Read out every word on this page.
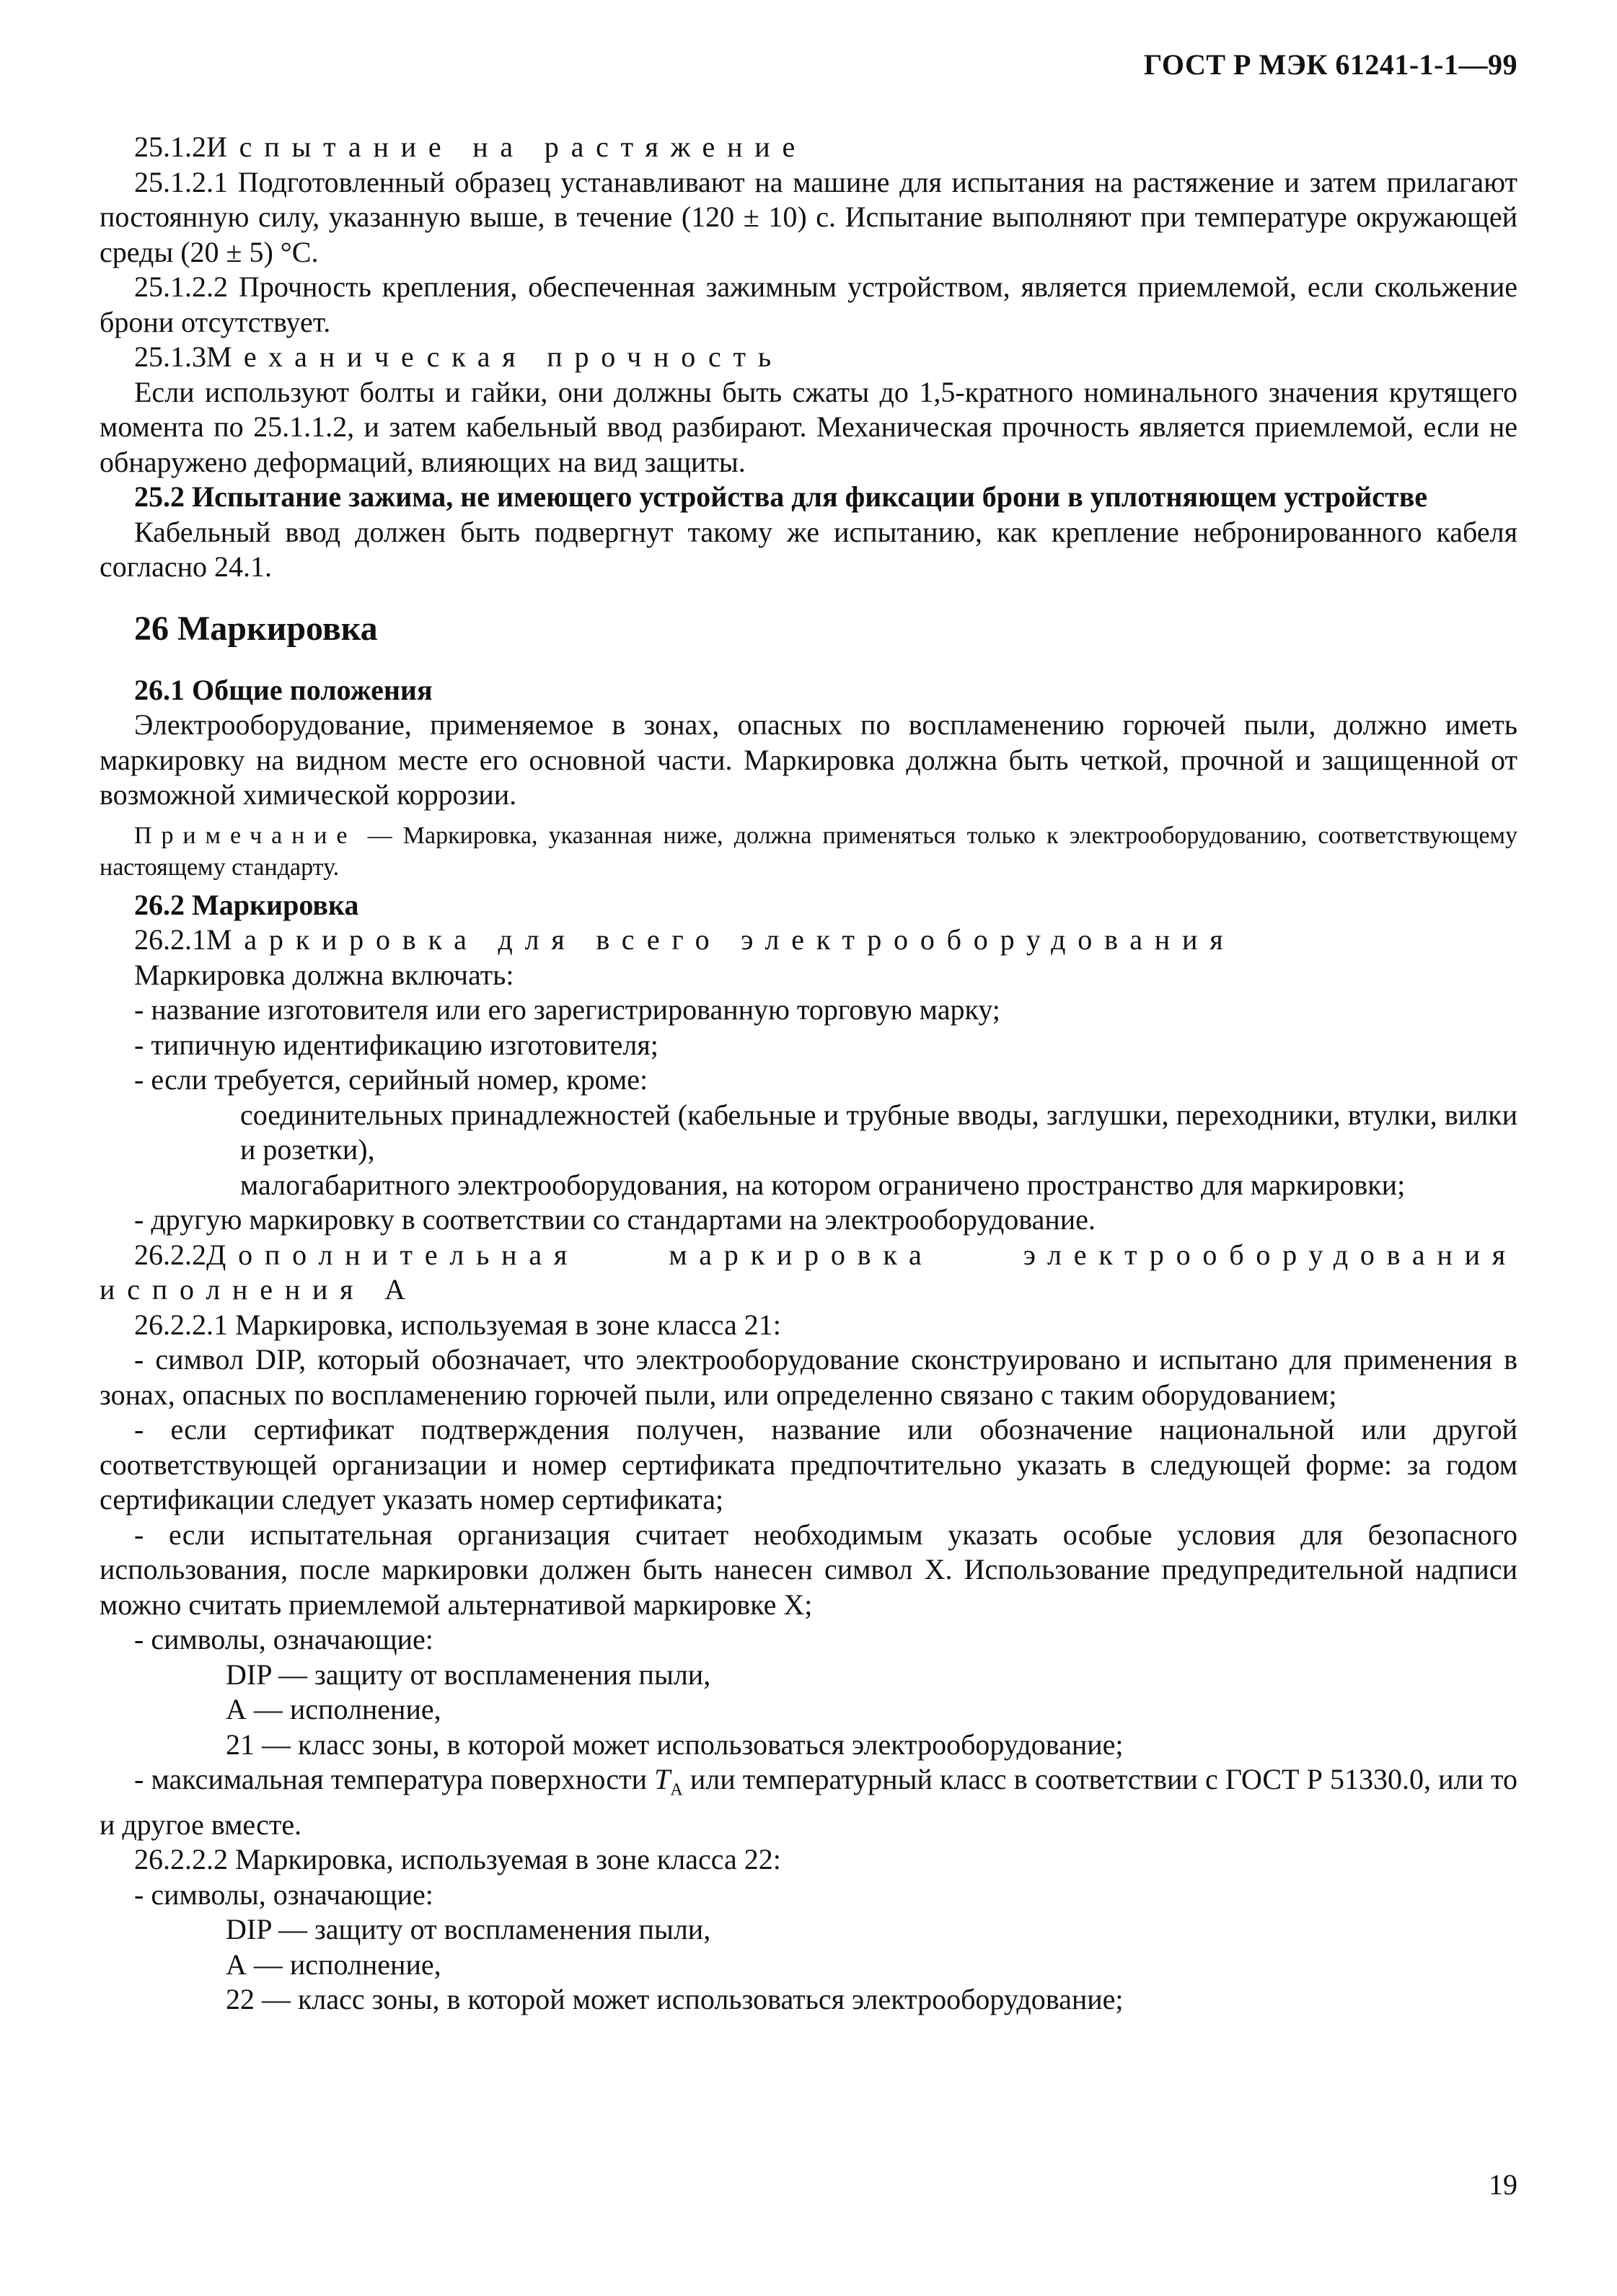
ГОСТ Р МЭК 61241-1-1—99

25.1.2Испытание на растяжение

25.1.2.1 Подготовленный образец устанавливают на машине для испытания на растяжение и затем прилагают постоянную силу, указанную выше, в течение (120 ± 10) с. Испытание выполняют при температуре окружающей среды (20 ± 5) °С.

25.1.2.2 Прочность крепления, обеспеченная зажимным устройством, является приемлемой, если скольжение брони отсутствует.

25.1.3Механическая прочность

Если используют болты и гайки, они должны быть сжаты до 1,5-кратного номинального значения крутящего момента по 25.1.1.2, и затем кабельный ввод разбирают. Механическая прочность является приемлемой, если не обнаружено деформаций, влияющих на вид защиты.

25.2 Испытание зажима, не имеющего устройства для фиксации брони в уплотняющем устройстве

Кабельный ввод должен быть подвергнут такому же испытанию, как крепление небронированного кабеля согласно 24.1.

26 Маркировка

26.1 Общие положения

Электрооборудование, применяемое в зонах, опасных по воспламенению горючей пыли, должно иметь маркировку на видном месте его основной части. Маркировка должна быть четкой, прочной и защищенной от возможной химической коррозии.

Примечание — Маркировка, указанная ниже, должна применяться только к электрооборудованию, соответствующему настоящему стандарту.

26.2 Маркировка

26.2.1Маркировка для всего электрооборудования

Маркировка должна включать:

- название изготовителя или его зарегистрированную торговую марку;

- типичную идентификацию изготовителя;

- если требуется, серийный номер, кроме:

соединительных принадлежностей (кабельные и трубные вводы, заглушки, переходники, втулки, вилки и розетки),

малогабаритного электрооборудования, на котором ограничено пространство для маркировки;

- другую маркировку в соответствии со стандартами на электрооборудование.

26.2.2Дополнительная маркировка электрооборудования исполнения А

26.2.2.1 Маркировка, используемая в зоне класса 21:

- символ DIP, который обозначает, что электрооборудование сконструировано и испытано для применения в зонах, опасных по воспламенению горючей пыли, или определенно связано с таким оборудованием;

- если сертификат подтверждения получен, название или обозначение национальной или другой соответствующей организации и номер сертификата предпочтительно указать в следующей форме: за годом сертификации следует указать номер сертификата;

- если испытательная организация считает необходимым указать особые условия для безопасного использования, после маркировки должен быть нанесен символ X. Использование предупредительной надписи можно считать приемлемой альтернативой маркировке X;

- символы, означающие:

DIP — защиту от воспламенения пыли,

А — исполнение,

21 — класс зоны, в которой может использоваться электрооборудование;

- максимальная температура поверхности $T_A$ или температурный класс в соответствии с ГОСТ Р 51330.0, или то и другое вместе.

26.2.2.2 Маркировка, используемая в зоне класса 22:

- символы, означающие:

DIP — защиту от воспламенения пыли,

А — исполнение,

22 — класс зоны, в которой может использоваться электрооборудование;

19
